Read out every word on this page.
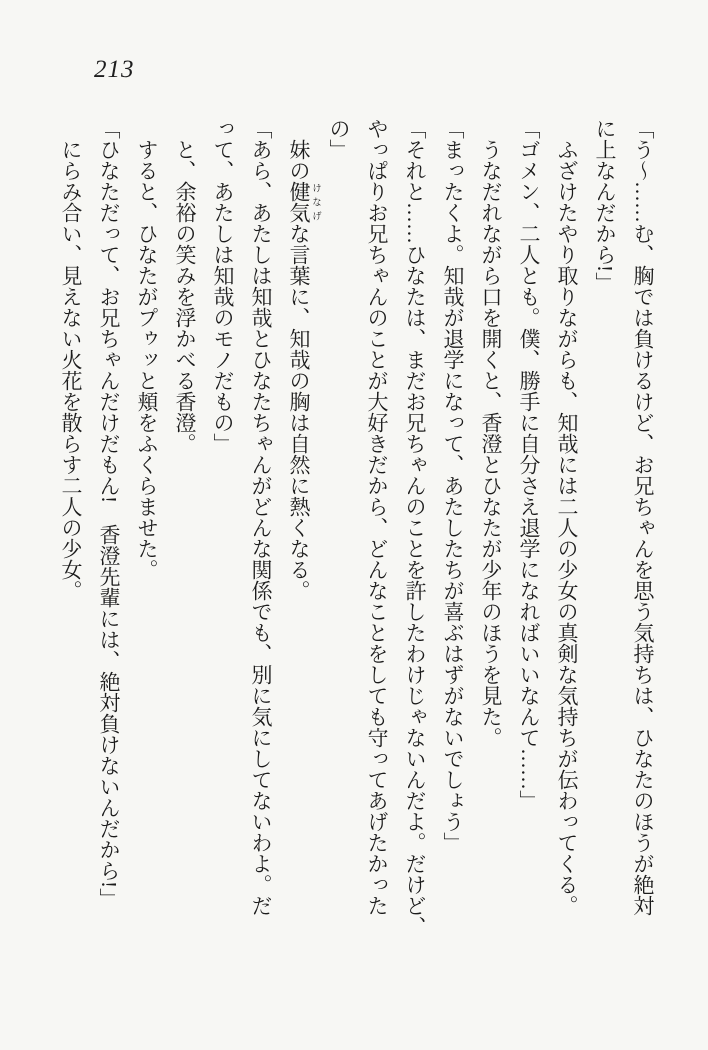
213

「う〜……む、胸では負けるけど、お兄ちゃんを思う気持ちは、ひなたのほうが絶対

に上なんだから!」

ふざけたやり取りながらも、知哉には二人の少女の真剣な気持ちが伝わってくる。

「ゴメン、二人とも。僕、勝手に自分さえ退学になればいいなんて……」

うなだれながら口を開くと、香澄とひなたが少年のほうを見た。

「まったくよ。知哉が退学になって、あたしたちが喜ぶはずがないでしょう」

「それと……ひなたは、まだお兄ちゃんのことを許したわけじゃないんだよ。だけど、

やっぱりお兄ちゃんのことが大好きだから、どんなことをしても守ってあげたかった

の」

妹の健気 けなげな言葉に、知哉の胸は自然に熱くなる。

「あら、あたしは知哉とひなたちゃんがどんな関係でも、別に気にしてないわよ。だ

って、あたしは知哉のモノだもの」

と、余裕の笑みを浮かべる香澄。

すると、ひなたがプゥッと頬をふくらませた。

「ひなただって、お兄ちゃんだけだもん!　香澄先輩には、絶対負けないんだから!」

にらみ合い、見えない火花を散らす二人の少女。
